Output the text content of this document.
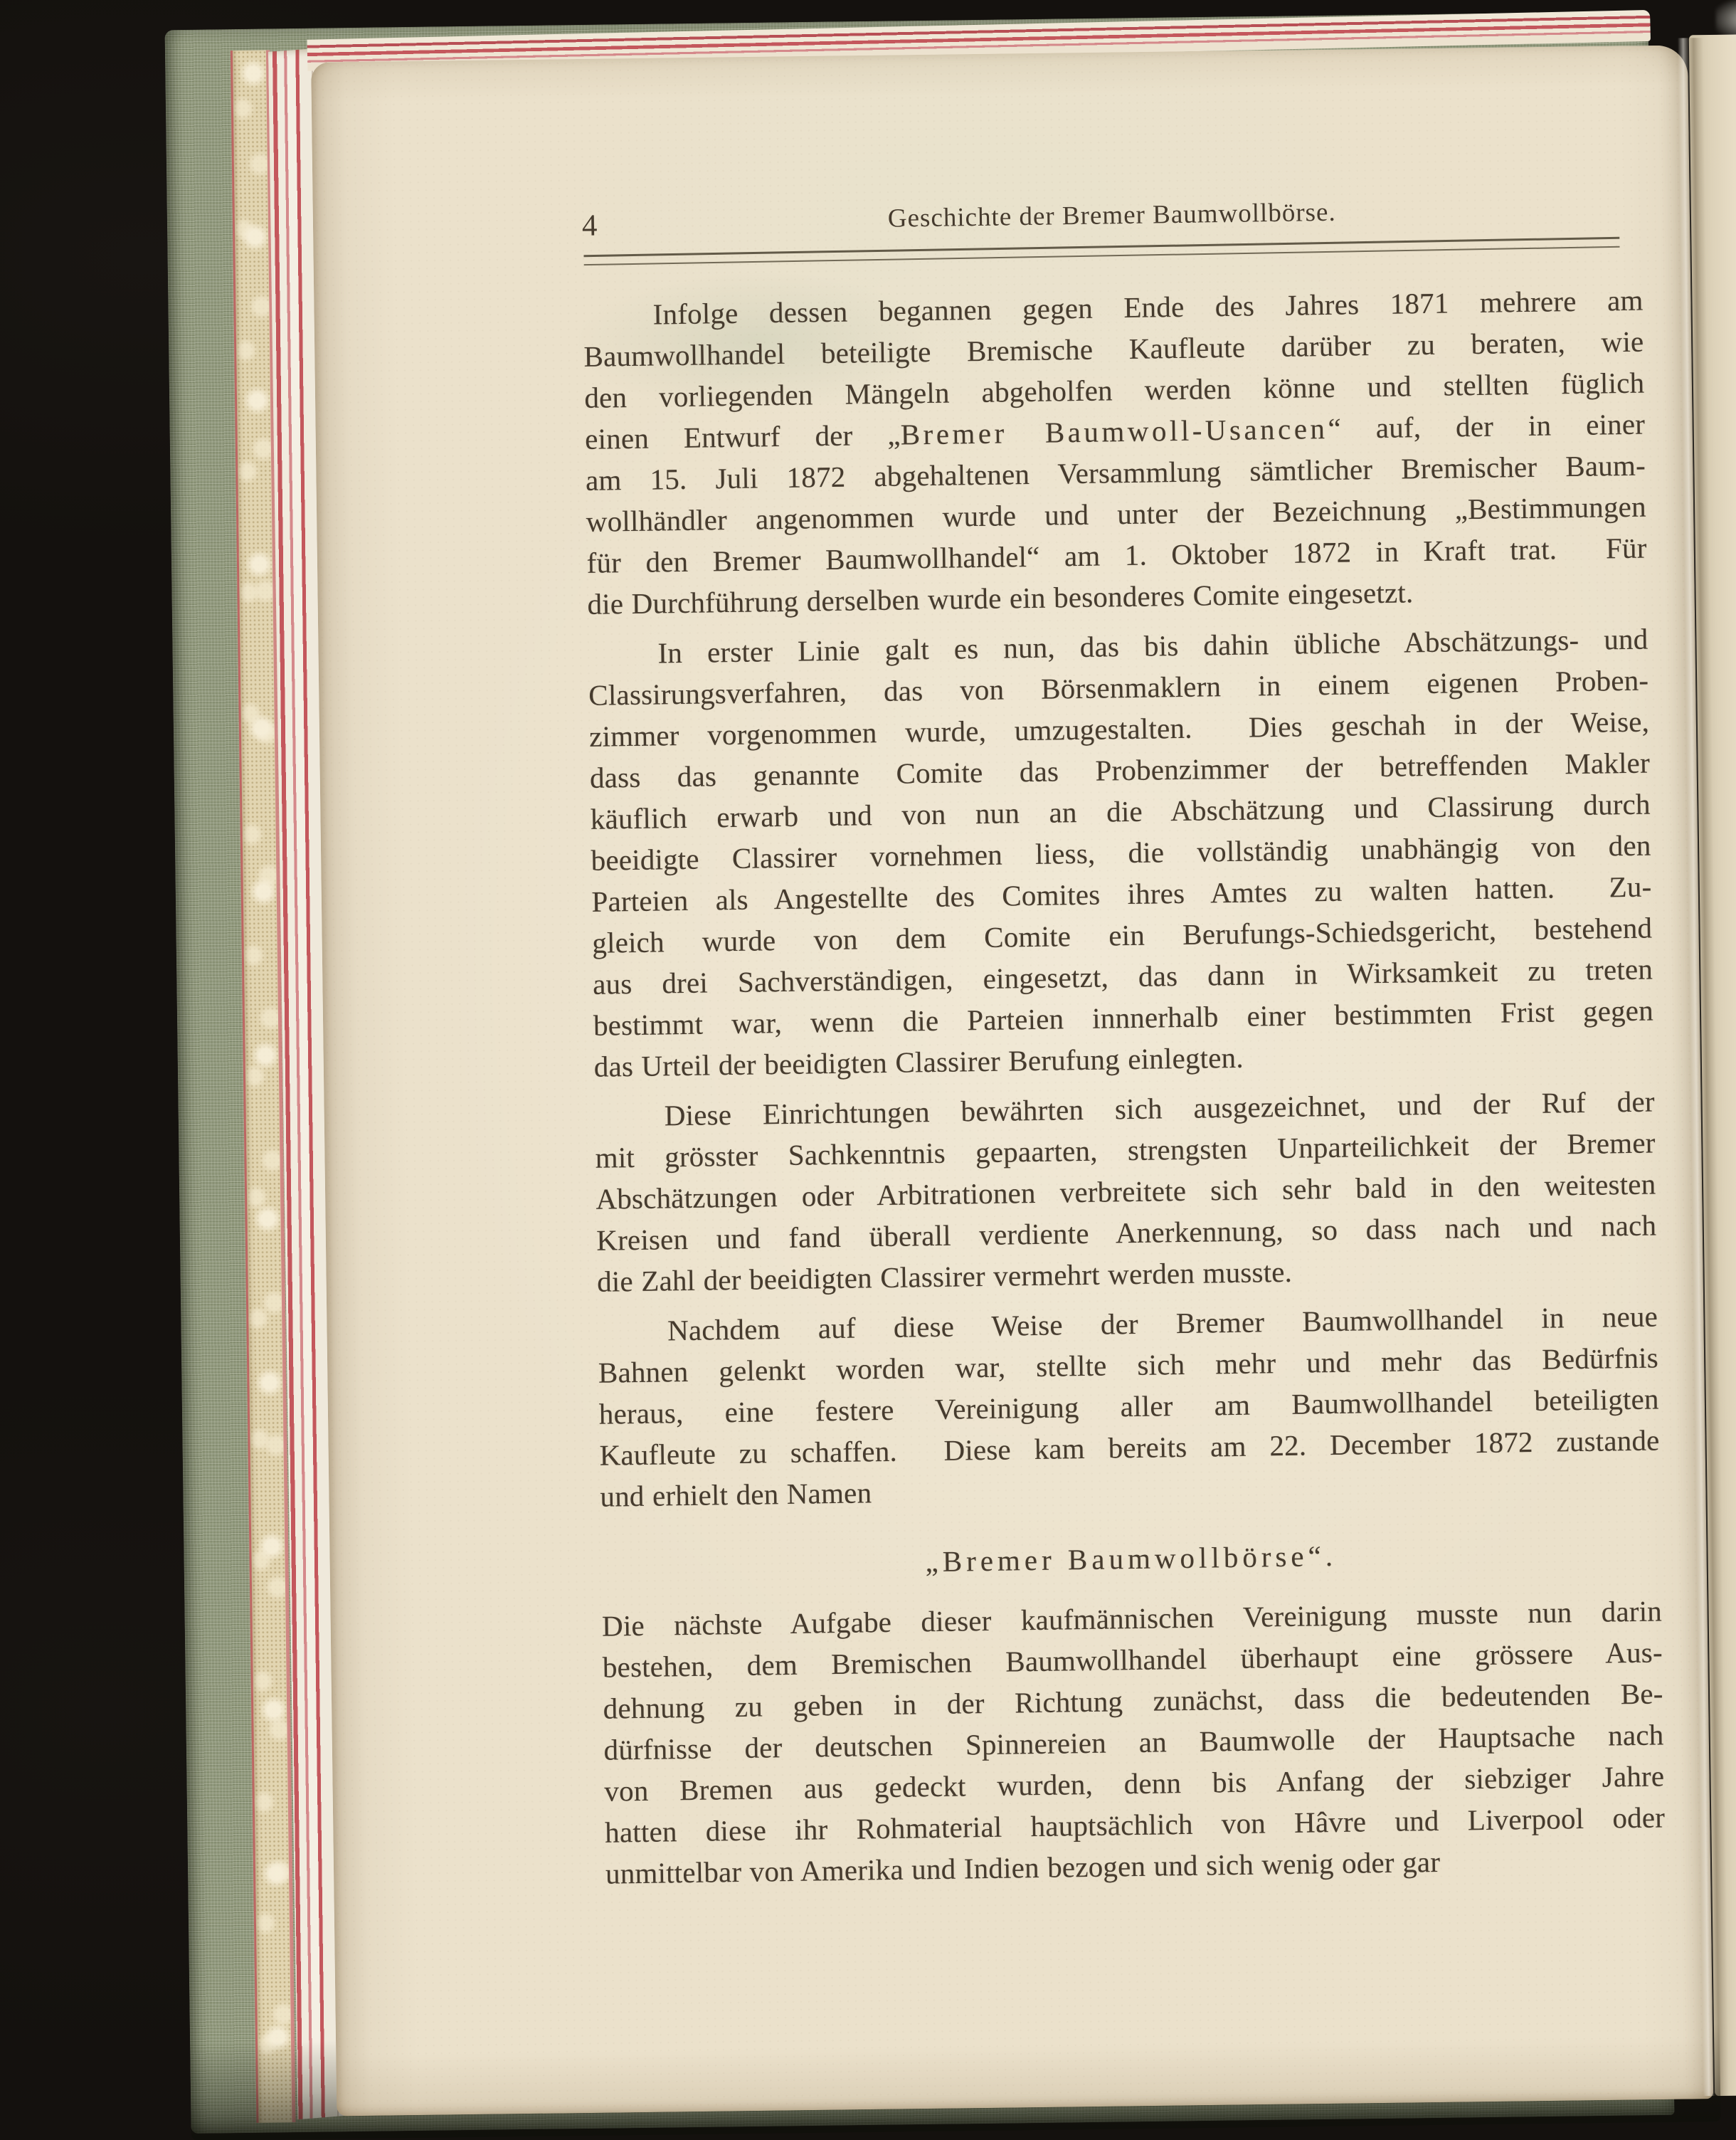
4	Geschichte der Bremer Baumwollbörse.
Infolge dessen begannen gegen Ende des Jahres 1871 mehrere am
Baumwollhandel beteiligte Bremische Kaufleute darüber zu beraten, wie
den vorliegenden Mängeln abgeholfen werden könne und stellten füglich
einen Entwurf der „Bremer Baumwoll-Usancen“ auf, der in einer
am 15. Juli 1872 abgehaltenen Versammlung sämtlicher Bremischer Baum-
wollhändler angenommen wurde und unter der Bezeichnung „Bestimmungen
für den Bremer Baumwollhandel“ am 1. Oktober 1872 in Kraft trat.  Für
die Durchführung derselben wurde ein besonderes Comite eingesetzt.
In erster Linie galt es nun, das bis dahin übliche Abschätzungs- und
Classirungsverfahren, das von Börsenmaklern in einem eigenen Proben-
zimmer vorgenommen wurde, umzugestalten.  Dies geschah in der Weise,
dass das genannte Comite das Probenzimmer der betreffenden Makler
käuflich erwarb und von nun an die Abschätzung und Classirung durch
beeidigte Classirer vornehmen liess, die vollständig unabhängig von den
Parteien als Angestellte des Comites ihres Amtes zu walten hatten.  Zu-
gleich wurde von dem Comite ein Berufungs-Schiedsgericht, bestehend
aus drei Sachverständigen, eingesetzt, das dann in Wirksamkeit zu treten
bestimmt war, wenn die Parteien innnerhalb einer bestimmten Frist gegen
das Urteil der beeidigten Classirer Berufung einlegten.
Diese Einrichtungen bewährten sich ausgezeichnet, und der Ruf der
mit grösster Sachkenntnis gepaarten, strengsten Unparteilichkeit der Bremer
Abschätzungen oder Arbitrationen verbreitete sich sehr bald in den weitesten
Kreisen und fand überall verdiente Anerkennung, so dass nach und nach
die Zahl der beeidigten Classirer vermehrt werden musste.
Nachdem auf diese Weise der Bremer Baumwollhandel in neue
Bahnen gelenkt worden war, stellte sich mehr und mehr das Bedürfnis
heraus, eine festere Vereinigung aller am Baumwollhandel beteiligten
Kaufleute zu schaffen.  Diese kam bereits am 22. December 1872 zustande
und erhielt den Namen
„Bremer Baumwollbörse“.
Die nächste Aufgabe dieser kaufmännischen Vereinigung musste nun darin
bestehen, dem Bremischen Baumwollhandel überhaupt eine grössere Aus-
dehnung zu geben in der Richtung zunächst, dass die bedeutenden Be-
dürfnisse der deutschen Spinnereien an Baumwolle der Hauptsache nach
von Bremen aus gedeckt wurden, denn bis Anfang der siebziger Jahre
hatten diese ihr Rohmaterial hauptsächlich von Hâvre und Liverpool oder
unmittelbar von Amerika und Indien bezogen und sich wenig oder gar
